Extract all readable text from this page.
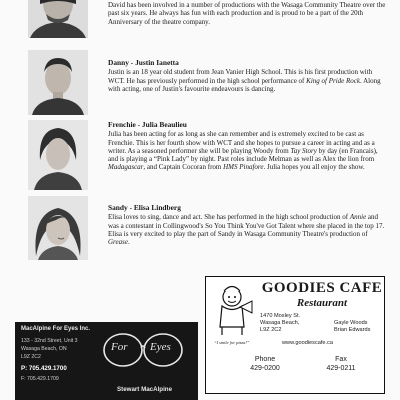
David has been involved in a number of productions with the Wasaga Community Theatre over the past six years. He always has fun with each production and is proud to be a part of the 20th Anniversary of the theatre company.

Danny - Justin Ianetta

Justin is an 18 year old student from Jean Vanier High School. This is his first production with WCT. He has previously performed in the high school performance of King of Pride Rock. Along with acting, one of Justin's favourite endeavours is dancing.

Frenchie - Julia Beaulieu

Julia has been acting for as long as she can remember and is extremely excited to be cast as Frenchie. This is her fourth show with WCT and she hopes to pursue a career in acting and as a writer. As a seasoned performer she will be playing Woody from Tay Story by day (en Francais), and is playing a “Pink Lady” by night. Past roles include Melman as well as Alex the lion from Madagascar, and Captain Cocoran from HMS Pinafore. Julia hopes you all enjoy the show.

Sandy - Elisa Lindberg

Elisa loves to sing, dance and act. She has performed in the high school production of Annie and was a contestant in Collingwood's So You Think You've Got Talent where she placed in the top 17. Elisa is very excited to play the part of Sandy in Wasaga Community Theatre's production of Grease.

“I smile for pizza!”
GOODIES CAFE
Restaurant
1470 Mosley St.
Wasaga Beach,
L9Z 2C2
Gayle Woods
Brian Edwards
www.goodiescafe.ca
Phone
429-0200
Fax
429-0211
MacAlpine For Eyes Inc.
133 - 32nd Street, Unit 3
Wasaga Beach, ON
L9Z 2C2
P: 705.429.1700
F: 705.429.1709
For Eyes
Stewart MacAlpine
